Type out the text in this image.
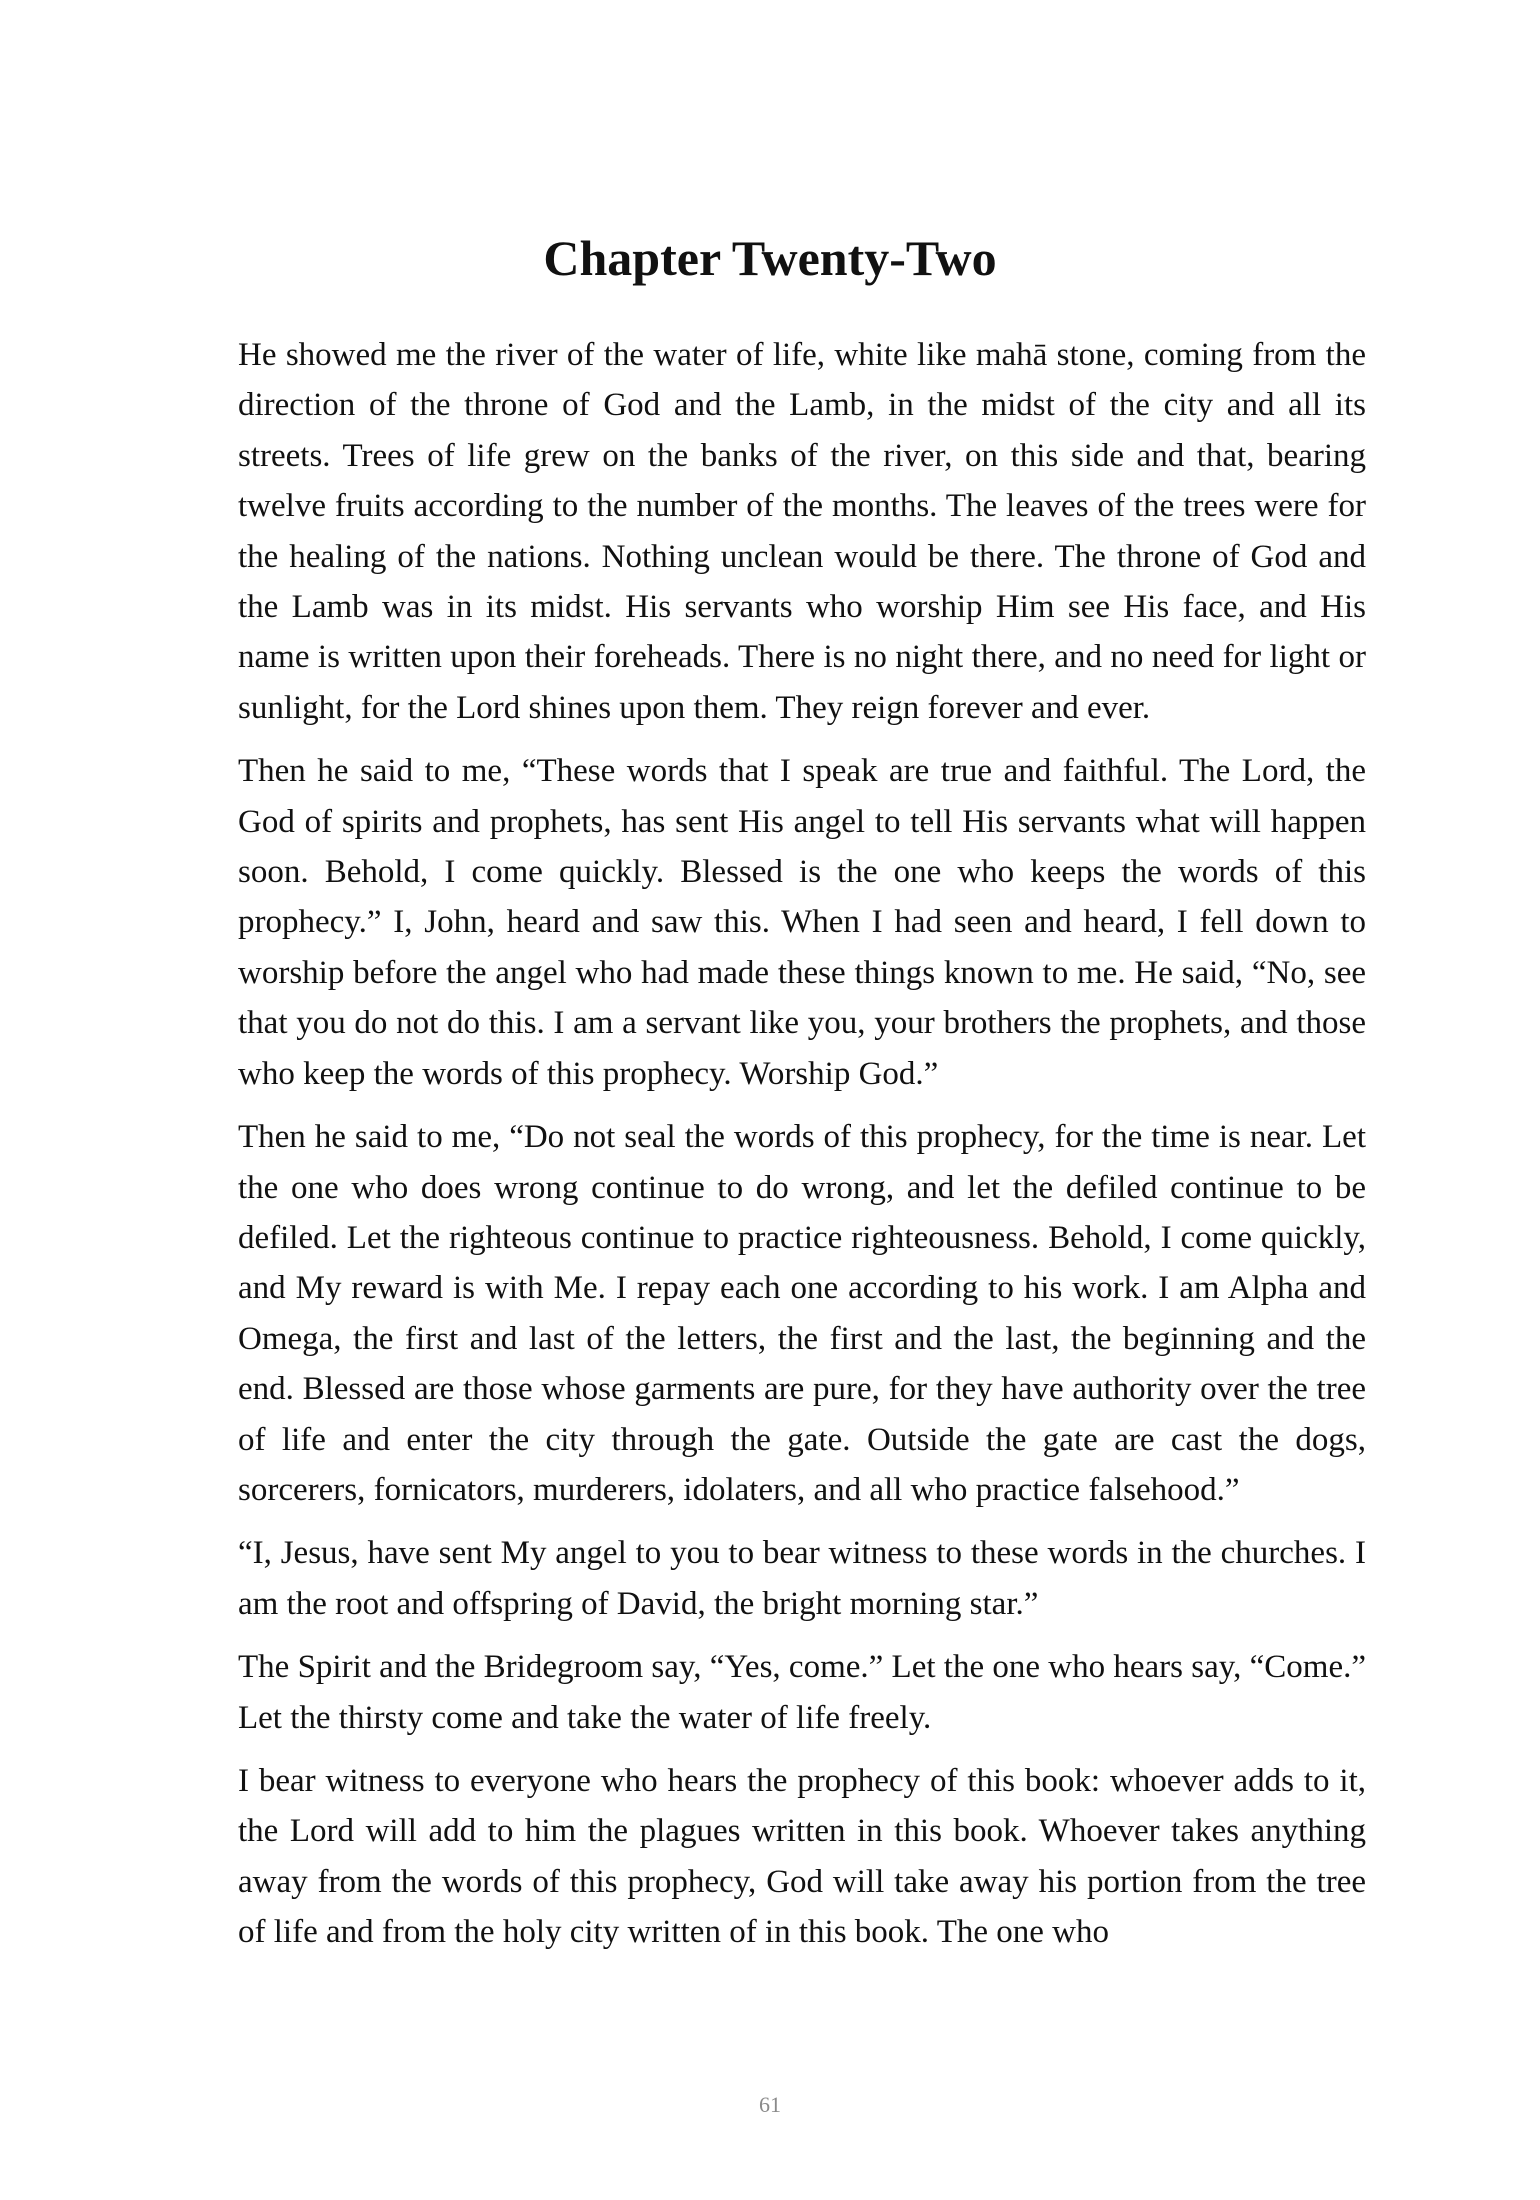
Chapter Twenty-Two

He showed me the river of the water of life, white like mahā stone, coming from the direction of the throne of God and the Lamb, in the midst of the city and all its streets. Trees of life grew on the banks of the river, on this side and that, bearing twelve fruits according to the number of the months. The leaves of the trees were for the healing of the nations. Nothing unclean would be there. The throne of God and the Lamb was in its midst. His servants who worship Him see His face, and His name is written upon their foreheads. There is no night there, and no need for light or sunlight, for the Lord shines upon them. They reign forever and ever.

Then he said to me, “These words that I speak are true and faithful. The Lord, the God of spirits and prophets, has sent His angel to tell His servants what will happen soon. Behold, I come quickly. Blessed is the one who keeps the words of this prophecy.” I, John, heard and saw this. When I had seen and heard, I fell down to worship before the angel who had made these things known to me. He said, “No, see that you do not do this. I am a servant like you, your brothers the prophets, and those who keep the words of this prophecy. Worship God.”

Then he said to me, “Do not seal the words of this prophecy, for the time is near. Let the one who does wrong continue to do wrong, and let the defiled continue to be defiled. Let the righteous continue to practice righteousness. Behold, I come quickly, and My reward is with Me. I repay each one according to his work. I am Alpha and Omega, the first and last of the letters, the first and the last, the beginning and the end. Blessed are those whose garments are pure, for they have authority over the tree of life and enter the city through the gate. Outside the gate are cast the dogs, sorcerers, fornicators, murderers, idolaters, and all who practice falsehood.”

“I, Jesus, have sent My angel to you to bear witness to these words in the churches. I am the root and offspring of David, the bright morning star.”

The Spirit and the Bridegroom say, “Yes, come.” Let the one who hears say, “Come.” Let the thirsty come and take the water of life freely.

I bear witness to everyone who hears the prophecy of this book: whoever adds to it, the Lord will add to him the plagues written in this book. Whoever takes anything away from the words of this prophecy, God will take away his portion from the tree of life and from the holy city written of in this book. The one who

61
